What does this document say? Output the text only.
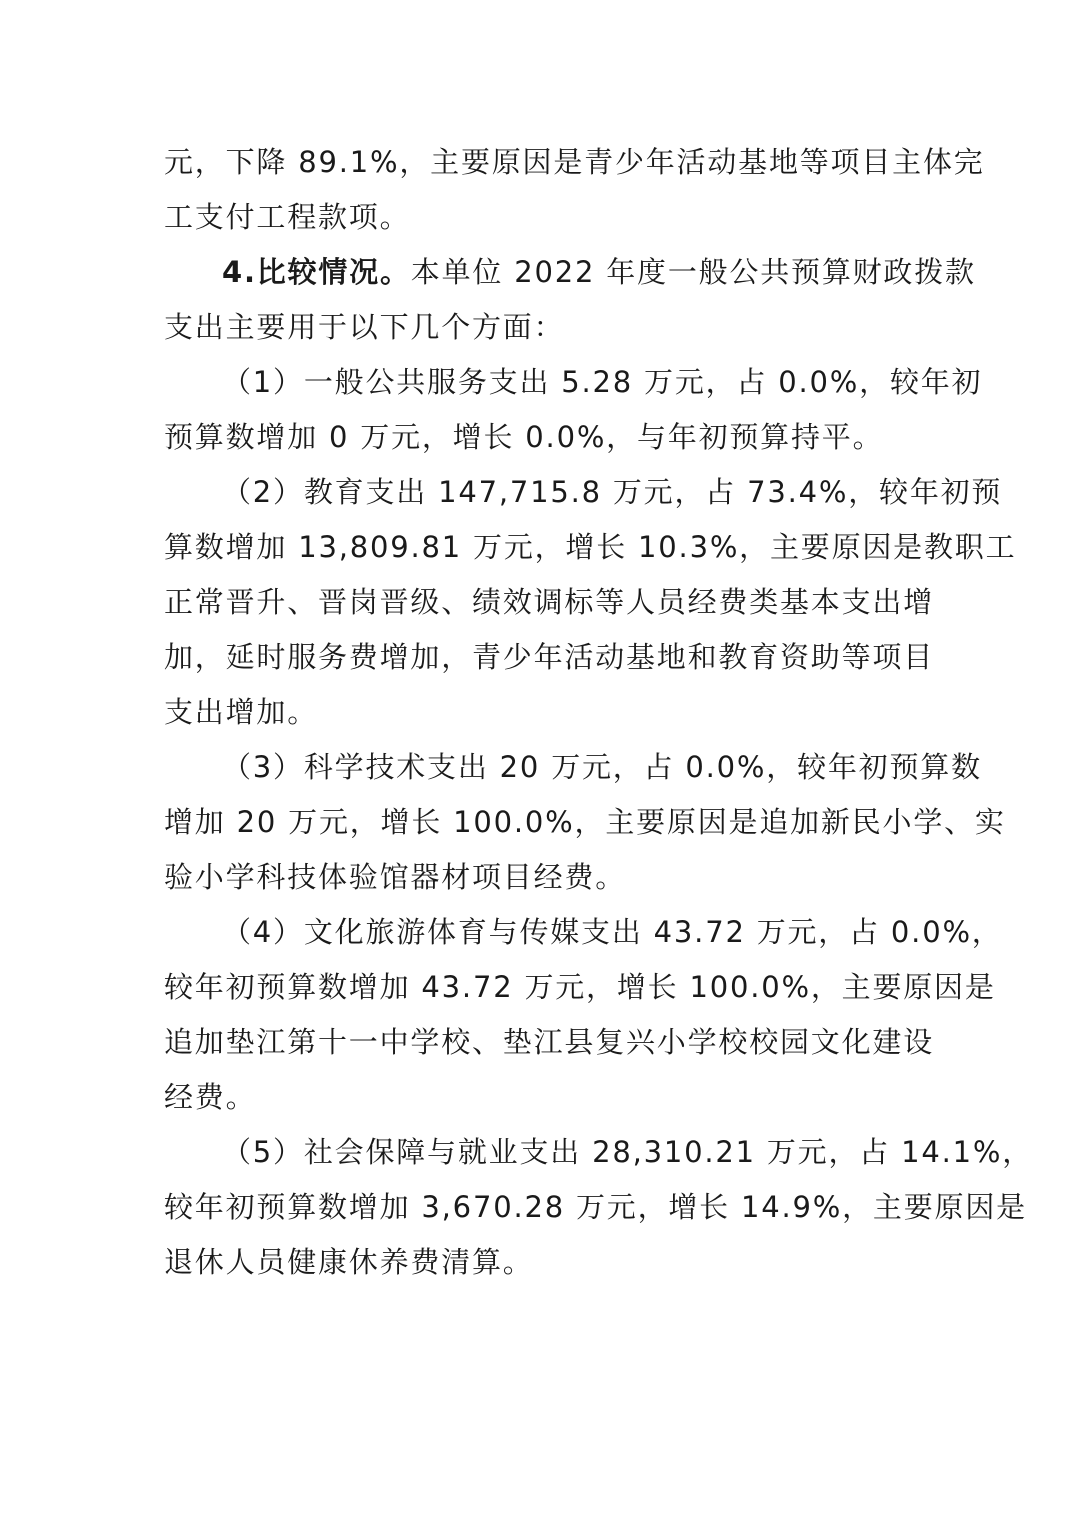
元，下降 89.1%，主要原因是青少年活动基地等项目主体完
工支付工程款项。
4.比较情况。本单位 2022 年度一般公共预算财政拨款
支出主要用于以下几个方面：
（1）一般公共服务支出 5.28 万元，占 0.0%，较年初
预算数增加 0 万元，增长 0.0%，与年初预算持平。
（2）教育支出 147,715.8 万元，占 73.4%，较年初预
算数增加 13,809.81 万元，增长 10.3%，主要原因是教职工
正常晋升、晋岗晋级、绩效调标等人员经费类基本支出增
加，延时服务费增加，青少年活动基地和教育资助等项目
支出增加。
（3）科学技术支出 20 万元，占 0.0%，较年初预算数
增加 20 万元，增长 100.0%，主要原因是追加新民小学、实
验小学科技体验馆器材项目经费。
（4）文化旅游体育与传媒支出 43.72 万元，占 0.0%，
较年初预算数增加 43.72 万元，增长 100.0%，主要原因是
追加垫江第十一中学校、垫江县复兴小学校校园文化建设
经费。
（5）社会保障与就业支出 28,310.21 万元，占 14.1%，
较年初预算数增加 3,670.28 万元，增长 14.9%，主要原因是
退休人员健康休养费清算。
